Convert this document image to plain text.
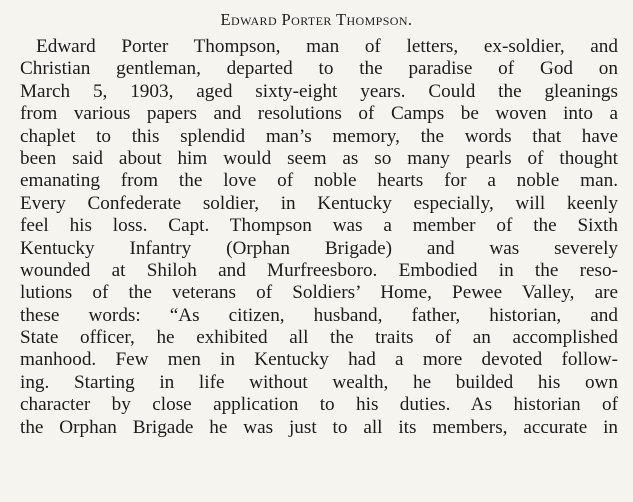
Edward Porter Thompson.
Edward Porter Thompson, man of letters, ex-soldier, and
Christian gentleman, departed to the paradise of God on
March 5, 1903, aged sixty-eight years. Could the gleanings
from various papers and resolutions of Camps be woven into a
chaplet to this splendid man’s memory, the words that have
been said about him would seem as so many pearls of thought
emanating from the love of noble hearts for a noble man.
Every Confederate soldier, in Kentucky especially, will keenly
feel his loss. Capt. Thompson was a member of the Sixth
Kentucky Infantry (Orphan Brigade) and was severely
wounded at Shiloh and Murfreesboro. Embodied in the reso-
lutions of the veterans of Soldiers’ Home, Pewee Valley, are
these words: “As citizen, husband, father, historian, and
State officer, he exhibited all the traits of an accomplished
manhood. Few men in Kentucky had a more devoted follow-
ing. Starting in life without wealth, he builded his own
character by close application to his duties. As historian of
the Orphan Brigade he was just to all its members, accurate in
